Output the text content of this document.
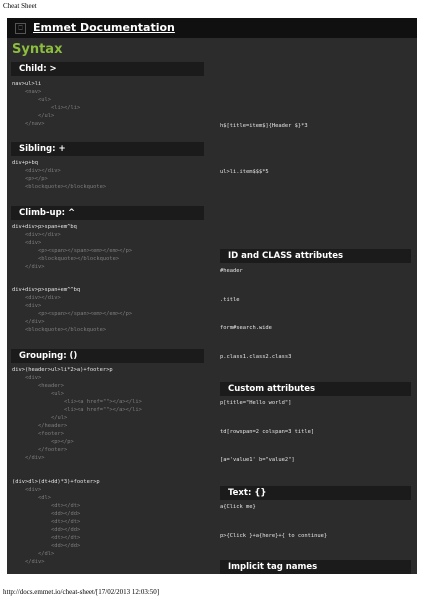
Cheat Sheet
⎕ Emmet Documentation
Syntax
Child: >
nav>ul>li
<nav>
<ul>
<li></li>
</ul>
</nav>
Sibling: +
div+p+bq
<div></div>
<p></p>
<blockquote></blockquote>
Climb-up: ^
div+div>p>span+em^bq
<div></div>
<div>
<p><span></span><em></em></p>
<blockquote></blockquote>
</div>
div+div>p>span+em^^bq
<div></div>
<div>
<p><span></span><em></em></p>
</div>
<blockquote></blockquote>
Grouping: ()
div>(header>ul>li*2>a)+footer>p
<div>
<header>
<ul>
<li><a href=""></a></li>
<li><a href=""></a></li>
</ul>
</header>
<footer>
<p></p>
</footer>
</div>
(div>dl>(dt+dd)*3)+footer>p
<div>
<dl>
<dt></dt>
<dd></dd>
<dt></dt>
<dd></dd>
<dt></dt>
<dd></dd>
</dl>
</div>
h$[title=item$]{Header $}*3
ul>li.item$$$*5
ID and CLASS attributes
#header
.title
form#search.wide
p.class1.class2.class3
Custom attributes
p[title="Hello world"]
td[rowspan=2 colspan=3 title]
[a='value1' b="value2"]
Text: {}
a{Click me}
p>{Click }+a{here}+{ to continue}
Implicit tag names
http://docs.emmet.io/cheat-sheet/[17/02/2013 12:03:50]
